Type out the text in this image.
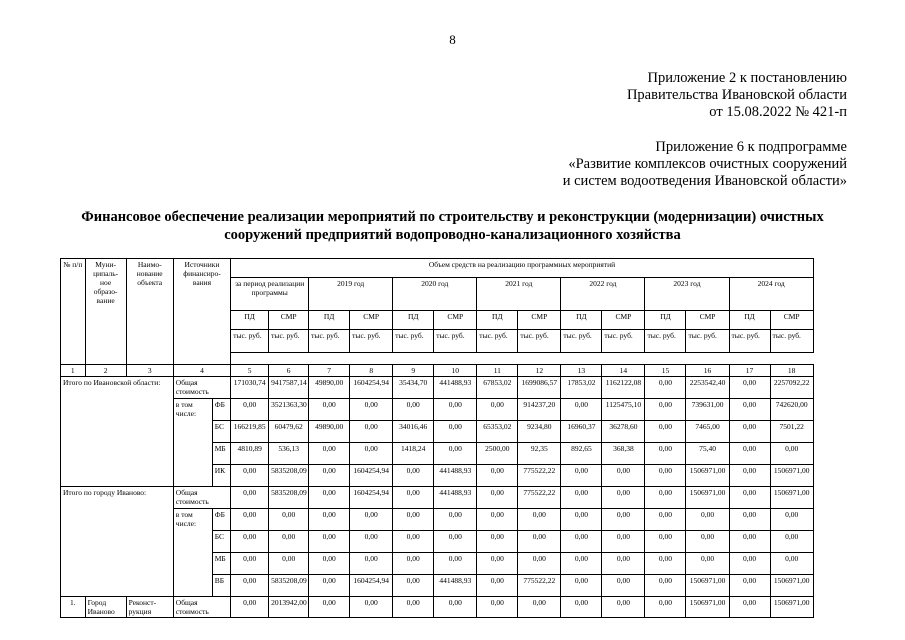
8
Приложение 2 к постановлению
Правительства Ивановской области
от 15.08.2022 № 421-п
Приложение 6 к подпрограмме
«Развитие комплексов очистных сооружений
и систем водоотведения Ивановской области»
Финансовое обеспечение реализации мероприятий по строительству и реконструкции (модернизации) очистных
сооружений предприятий водопроводно-канализационного хозяйства
№ п/п	Муни-ципаль-ное образо-вание	Наимо-нование объекта	Источники финансиро-вания		Объем средств на реализацию программных мероприятий														
					за период реализации программы		2019 год		2020 год		2021 год		2022 год		2023 год		2024 год		
					ПД	СМР	ПД	СМР	ПД	СМР	ПД	СМР	ПД	СМР	ПД	СМР	ПД	СМР	
					тыс. руб.	тыс. руб.	тыс. руб.	тыс. руб.	тыс. руб.	тыс. руб.	тыс. руб.	тыс. руб.	тыс. руб.	тыс. руб.	тыс. руб.	тыс. руб.	тыс. руб.	тыс. руб.	

1	2	3	4		5	6	7	8	9	10	11	12	13	14	15	16	17	18	
Итого по Ивановской области:			Общая стоимость		171030,74	9417587,14	49890,00	1604254,94	35434,70	441488,93	67853,02	1699086,57	17853,02	1162122,08	0,00	2253542,40	0,00	2257092,22	
			в том числе:	ФБ	0,00	3521363,30	0,00	0,00	0,00	0,00	0,00	914237,20	0,00	1125475,10	0,00	739631,00	0,00	742620,00	
				БС	166219,85	60479,62	49890,00	0,00	34016,46	0,00	65353,02	9234,80	16960,37	36278,60	0,00	7465,00	0,00	7501,22	
				МБ	4810,89	536,13	0,00	0,00	1418,24	0,00	2500,00	92,35	892,65	368,38	0,00	75,40	0,00	0,00	
				ИК	0,00	5835208,09	0,00	1604254,94	0,00	441488,93	0,00	775522,22	0,00	0,00	0,00	1506971,00	0,00	1506971,00	
Итого по городу Иваново:			Общая стоимость		0,00	5835208,09	0,00	1604254,94	0,00	441488,93	0,00	775522,22	0,00	0,00	0,00	1506971,00	0,00	1506971,00	
			в том числе:	ФБ	0,00	0,00	0,00	0,00	0,00	0,00	0,00	0,00	0,00	0,00	0,00	0,00	0,00	0,00	
				БС	0,00	0,00	0,00	0,00	0,00	0,00	0,00	0,00	0,00	0,00	0,00	0,00	0,00	0,00	
				МБ	0,00	0,00	0,00	0,00	0,00	0,00	0,00	0,00	0,00	0,00	0,00	0,00	0,00	0,00	
				ВБ	0,00	5835208,09	0,00	1604254,94	0,00	441488,93	0,00	775522,22	0,00	0,00	0,00	1506971,00	0,00	1506971,00	
1.	Город Иваново	Реконст-рукция	Общая стоимость		0,00	2013942,00	0,00	0,00	0,00	0,00	0,00	0,00	0,00	0,00	0,00	1506971,00	0,00	1506971,00	
